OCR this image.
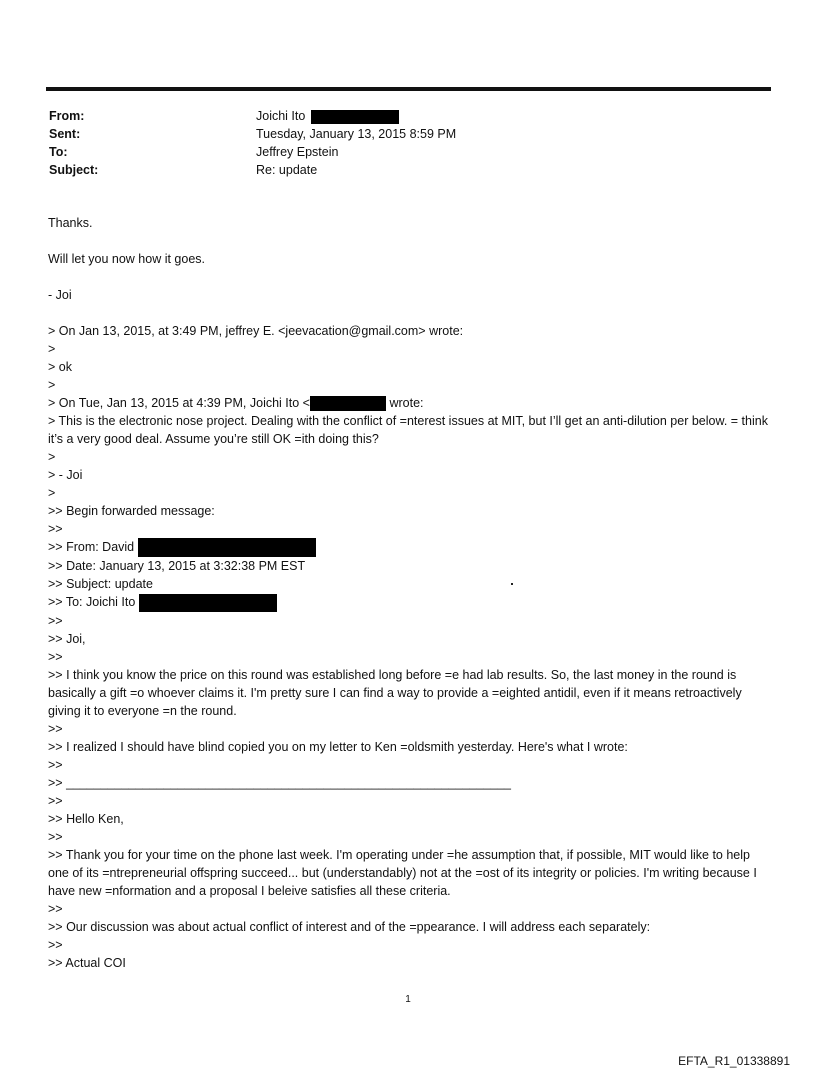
From:	Joichi Ito
Sent:	Tuesday, January 13, 2015 8:59 PM
To:	Jeffrey Epstein
Subject:	Re: update
Thanks.
Will let you now how it goes.
- Joi
> On Jan 13, 2015, at 3:49 PM, jeffrey E. <jeevacation@gmail.com> wrote:
>
> ok
>
> On Tue, Jan 13, 2015 at 4:39 PM, Joichi Ito <	wrote:
> This is the electronic nose project. Dealing with the conflict of =nterest issues at MIT, but I’ll get an anti-dilution per below. = think it’s a very good deal. Assume you’re still OK =ith doing this?
>
> - Joi
>
>> Begin forwarded message:
>>
>> From: David
>> Date: January 13, 2015 at 3:32:38 PM EST
>> Subject: update
>> To: Joichi Ito
>>
>> Joi,
>>
>> I think you know the price on this round was established long before =e had lab results. So, the last money in the round is basically a gift =o whoever claims it. I'm pretty sure I can find a way to provide a =eighted antidil, even if it means retroactively giving it to everyone =n the round.
>>
>> I realized I should have blind copied you on my letter to Ken =oldsmith yesterday. Here's what I wrote:
>>
>> ________________________________________________________________
>>
>> Hello Ken,
>>
>> Thank you for your time on the phone last week. I'm operating under =he assumption that, if possible, MIT would like to help one of its =ntrepreneurial offspring succeed... but (understandably) not at the =ost of its integrity or policies. I'm writing because I have new =nformation and a proposal I beleive satisfies all these criteria.
>>
>> Our discussion was about actual conflict of interest and of the =ppearance. I will address each separately:
>>
>> Actual COI
1
EFTA_R1_01338891
